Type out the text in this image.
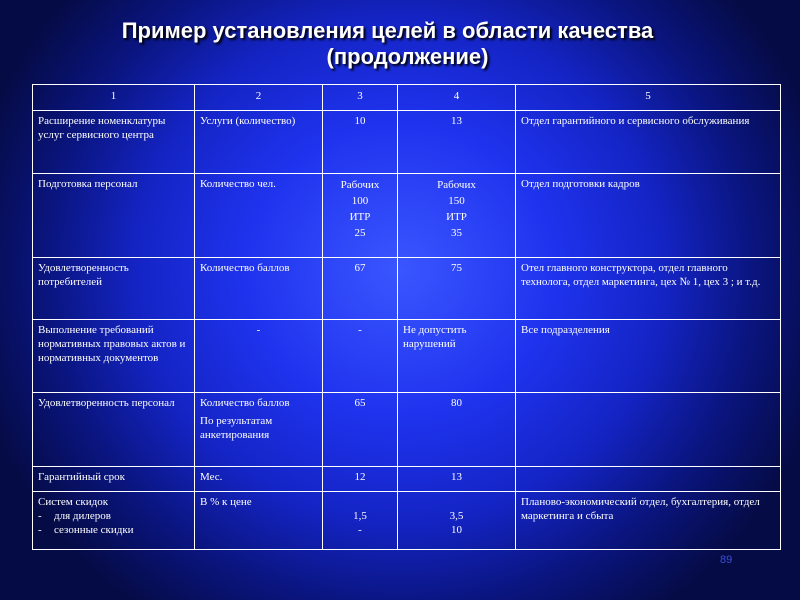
Пример установления целей в области качества
(продолжение)
1	2	3	4	5
Расширение номенклатуры услуг сервисного центра	Услуги (количество)	10	13	Отдел гарантийного и сервисного обслуживания
Подготовка персонал	Количество чел.	Рабочих
100
ИТР
25	Рабочих
150
ИТР
35	Отдел подготовки кадров
Удовлетворенность потребителей	Количество баллов	67	75	Отел главного конструктора, отдел главного технолога, отдел маркетинга, цех № 1, цех 3 ; и т.д.
Выполнение требований нормативных правовых актов и нормативных документов	-	-	Не допустить нарушений	Все подразделения
Удовлетворенность персонал	Количество баллов
По результатам анкетирования	65	80	
Гарантийный срок	Мес.	12	13	

Систем скидок
- для дилеров
- сезонные скидки	В % к цене	1,5
-	3,5
10	Планово-экономический отдел, бухгалтерия, отдел маркетинга и сбыта
89
